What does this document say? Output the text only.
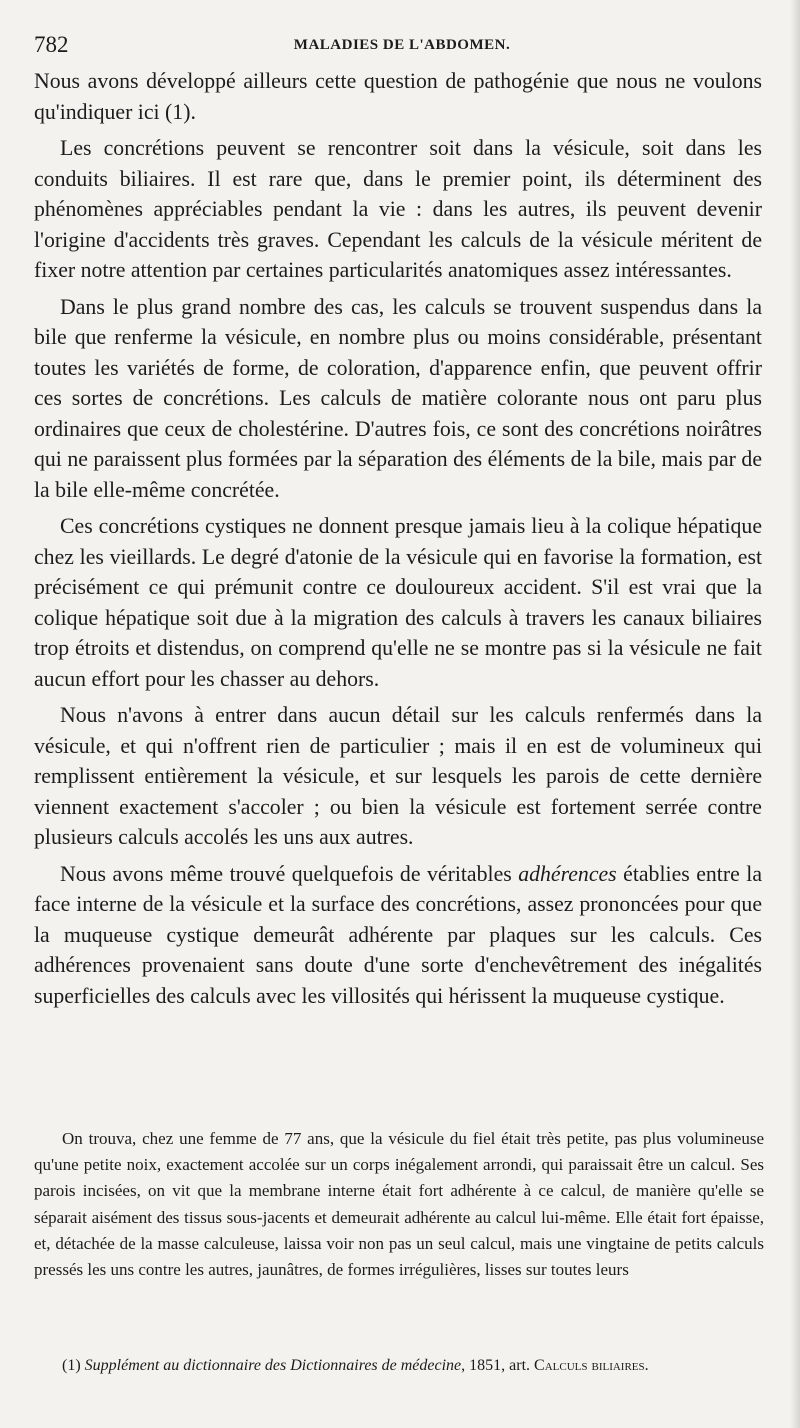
782	MALADIES DE L'ABDOMEN.

Nous avons développé ailleurs cette question de pathogénie que nous ne voulons qu'indiquer ici (1).

Les concrétions peuvent se rencontrer soit dans la vésicule, soit dans les conduits biliaires. Il est rare que, dans le premier point, ils déterminent des phénomènes appréciables pendant la vie : dans les autres, ils peuvent devenir l'origine d'accidents très graves. Cependant les calculs de la vésicule méritent de fixer notre attention par certaines particularités anatomiques assez intéressantes.

Dans le plus grand nombre des cas, les calculs se trouvent suspendus dans la bile que renferme la vésicule, en nombre plus ou moins considérable, présentant toutes les variétés de forme, de coloration, d'apparence enfin, que peuvent offrir ces sortes de concrétions. Les calculs de matière colorante nous ont paru plus ordinaires que ceux de cholestérine. D'autres fois, ce sont des concrétions noirâtres qui ne paraissent plus formées par la séparation des éléments de la bile, mais par de la bile elle-même concrétée.

Ces concrétions cystiques ne donnent presque jamais lieu à la colique hépatique chez les vieillards. Le degré d'atonie de la vésicule qui en favorise la formation, est précisément ce qui prémunit contre ce douloureux accident. S'il est vrai que la colique hépatique soit due à la migration des calculs à travers les canaux biliaires trop étroits et distendus, on comprend qu'elle ne se montre pas si la vésicule ne fait aucun effort pour les chasser au dehors.

Nous n'avons à entrer dans aucun détail sur les calculs renfermés dans la vésicule, et qui n'offrent rien de particulier ; mais il en est de volumineux qui remplissent entièrement la vésicule, et sur lesquels les parois de cette dernière viennent exactement s'accoler ; ou bien la vésicule est fortement serrée contre plusieurs calculs accolés les uns aux autres.

Nous avons même trouvé quelquefois de véritables adhérences établies entre la face interne de la vésicule et la surface des concrétions, assez prononcées pour que la muqueuse cystique demeurât adhérente par plaques sur les calculs. Ces adhérences provenaient sans doute d'une sorte d'enchevêtrement des inégalités superficielles des calculs avec les villosités qui hérissent la muqueuse cystique.

On trouva, chez une femme de 77 ans, que la vésicule du fiel était très petite, pas plus volumineuse qu'une petite noix, exactement accolée sur un corps inégalement arrondi, qui paraissait être un calcul. Ses parois incisées, on vit que la membrane interne était fort adhérente à ce calcul, de manière qu'elle se séparait aisément des tissus sous-jacents et demeurait adhérente au calcul lui-même. Elle était fort épaisse, et, détachée de la masse calculeuse, laissa voir non pas un seul calcul, mais une vingtaine de petits calculs pressés les uns contre les autres, jaunâtres, de formes irrégulières, lisses sur toutes leurs

(1) Supplément au dictionnaire des Dictionnaires de médecine, 1851, art. Calculs biliaires.
